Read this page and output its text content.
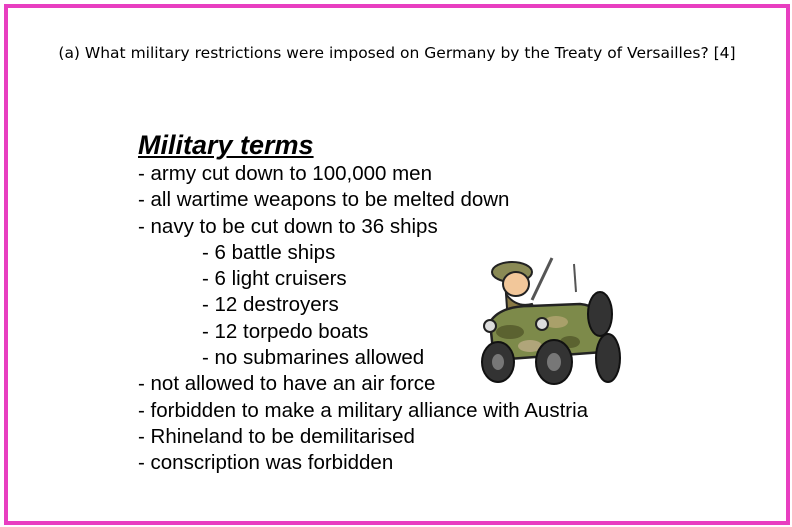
(a) What military restrictions were imposed on Germany by the Treaty of Versailles? [4]
Military terms
- army cut down to 100,000 men
- all wartime weapons to be melted down
- navy to be cut down to 36 ships
- 6 battle ships
- 6 light cruisers
- 12 destroyers
- 12 torpedo boats
- no submarines allowed
- not allowed to have an air force
- forbidden to make a military alliance with Austria
- Rhineland to be demilitarised
- conscription was forbidden
